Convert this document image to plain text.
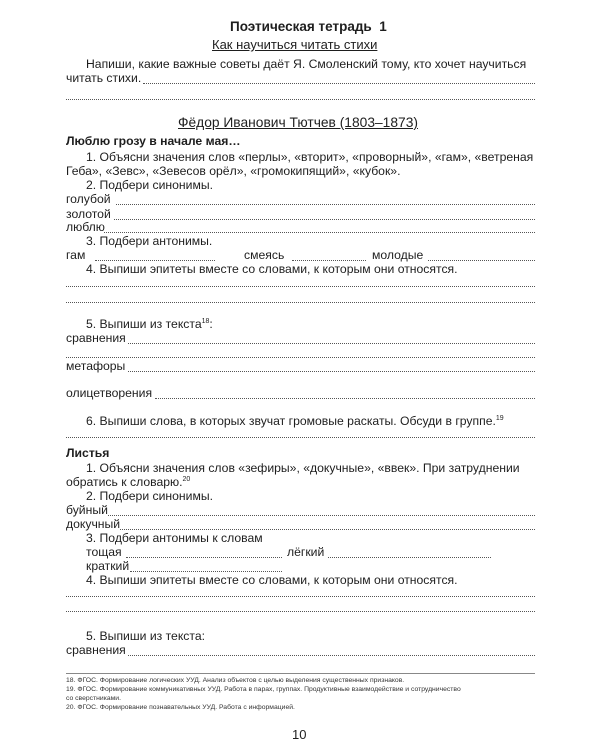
Поэтическая тетрадь 1
Как научиться читать стихи
Напиши, какие важные советы даёт Я. Смоленский тому, кто хочет научиться
читать стихи.
Фёдор Иванович Тютчев (1803–1873)
Люблю грозу в начале мая…
1. Объясни значения слов «перлы», «вторит», «проворный», «гам», «ветреная
Геба», «Зевс», «Зевесов орёл», «громокипящий», «кубок».
2. Подбери синонимы.
голубой
золотой
люблю
3. Подбери антонимы.
гам	смеясь	молодые
4. Выпиши эпитеты вместе со словами, к которым они относятся.
5. Выпиши из текста$^{18}$:
сравнения
метафоры
олицетворения
6. Выпиши слова, в которых звучат громовые раскаты. Обсуди в группе.$^{19}$
Листья
1. Объясни значения слов «зефиры», «докучные», «ввек». При затруднении
обратись к словарю.$^{20}$
2. Подбери синонимы.
буйный
докучный
3. Подбери антонимы к словам
тощая	лёгкий
краткий
4. Выпиши эпитеты вместе со словами, к которым они относятся.
5. Выпиши из текста:
сравнения
18. ФГОС. Формирование логических УУД. Анализ объектов с целью выделения существенных признаков.
19. ФГОС. Формирование коммуникативных УУД. Работа в парах, группах. Продуктивные взаимодействие и сотрудничество
со сверстниками.
20. ФГОС. Формирование познавательных УУД. Работа с информацией.
10
